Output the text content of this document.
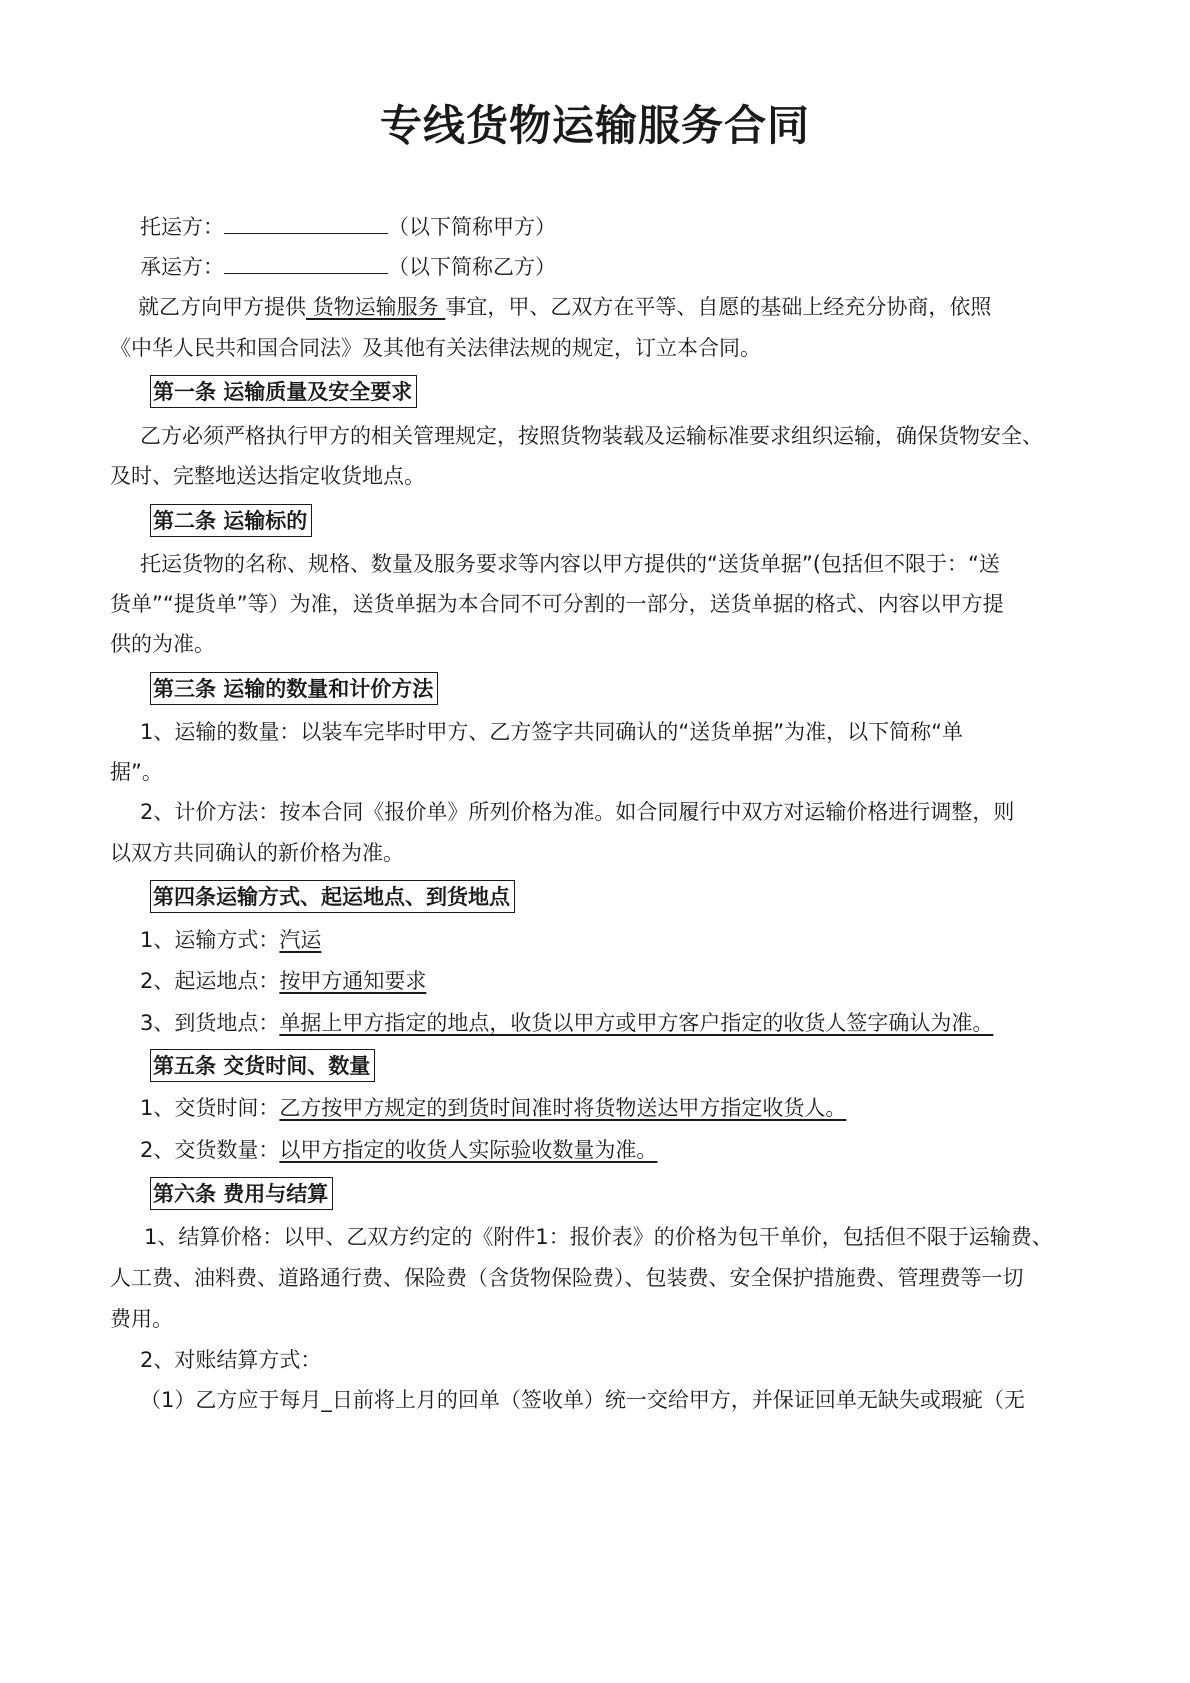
专线货物运输服务合同
托运方：	（以下简称甲方）
承运方：	（以下简称乙方）
就乙方向甲方提供 货物运输服务 事宜，甲、乙双方在平等、自愿的基础上经充分协商，依照
《中华人民共和国合同法》及其他有关法律法规的规定，订立本合同。
第一条 运输质量及安全要求
乙方必须严格执行甲方的相关管理规定，按照货物装载及运输标准要求组织运输，确保货物安全、
及时、完整地送达指定收货地点。
第二条 运输标的
托运货物的名称、规格、数量及服务要求等内容以甲方提供的“送货单据”(包括但不限于：“送
货单”“提货单”等）为准，送货单据为本合同不可分割的一部分，送货单据的格式、内容以甲方提
供的为准。
第三条 运输的数量和计价方法
1、运输的数量：以装车完毕时甲方、乙方签字共同确认的“送货单据”为准，以下简称“单
据”。
2、计价方法：按本合同《报价单》所列价格为准。如合同履行中双方对运输价格进行调整，则
以双方共同确认的新价格为准。
第四条运输方式、起运地点、到货地点
1、运输方式：汽运
2、起运地点：按甲方通知要求
3、到货地点：单据上甲方指定的地点，收货以甲方或甲方客户指定的收货人签字确认为准。
第五条 交货时间、数量
1、交货时间：乙方按甲方规定的到货时间准时将货物送达甲方指定收货人。
2、交货数量：以甲方指定的收货人实际验收数量为准。
第六条 费用与结算
1、结算价格：以甲、乙双方约定的《附件1：报价表》的价格为包干单价，包括但不限于运输费、
人工费、油料费、道路通行费、保险费（含货物保险费）、包装费、安全保护措施费、管理费等一切
费用。
2、对账结算方式：
（1）乙方应于每月_日前将上月的回单（签收单）统一交给甲方，并保证回单无缺失或瑕疵（无
